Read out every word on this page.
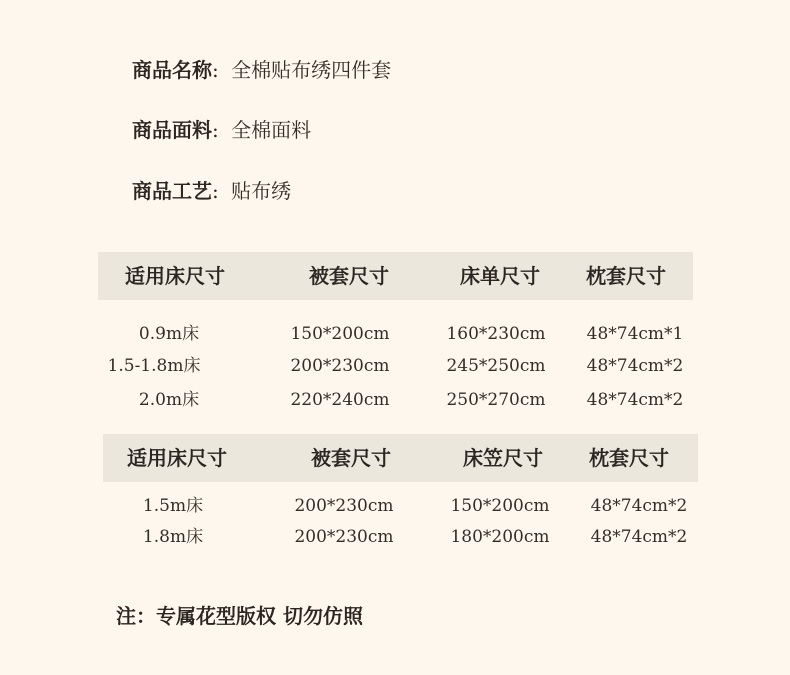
商品名称: 全棉贴布绣四件套
商品面料: 全棉面料
商品工艺: 贴布绣
适用床尺寸	被套尺寸	床单尺寸 枕套尺寸
0.9m床	150*200cm	160*230cm 48*74cm*1
1.5-1.8m床	200*230cm	245*250cm 48*74cm*2
2.0m床	220*240cm	250*270cm 48*74cm*2
适用床尺寸	被套尺寸	床笠尺寸 枕套尺寸
1.5m床	200*230cm	150*200cm 48*74cm*2
1.8m床	200*230cm	180*200cm 48*74cm*2
注：专属花型版权 切勿仿照
